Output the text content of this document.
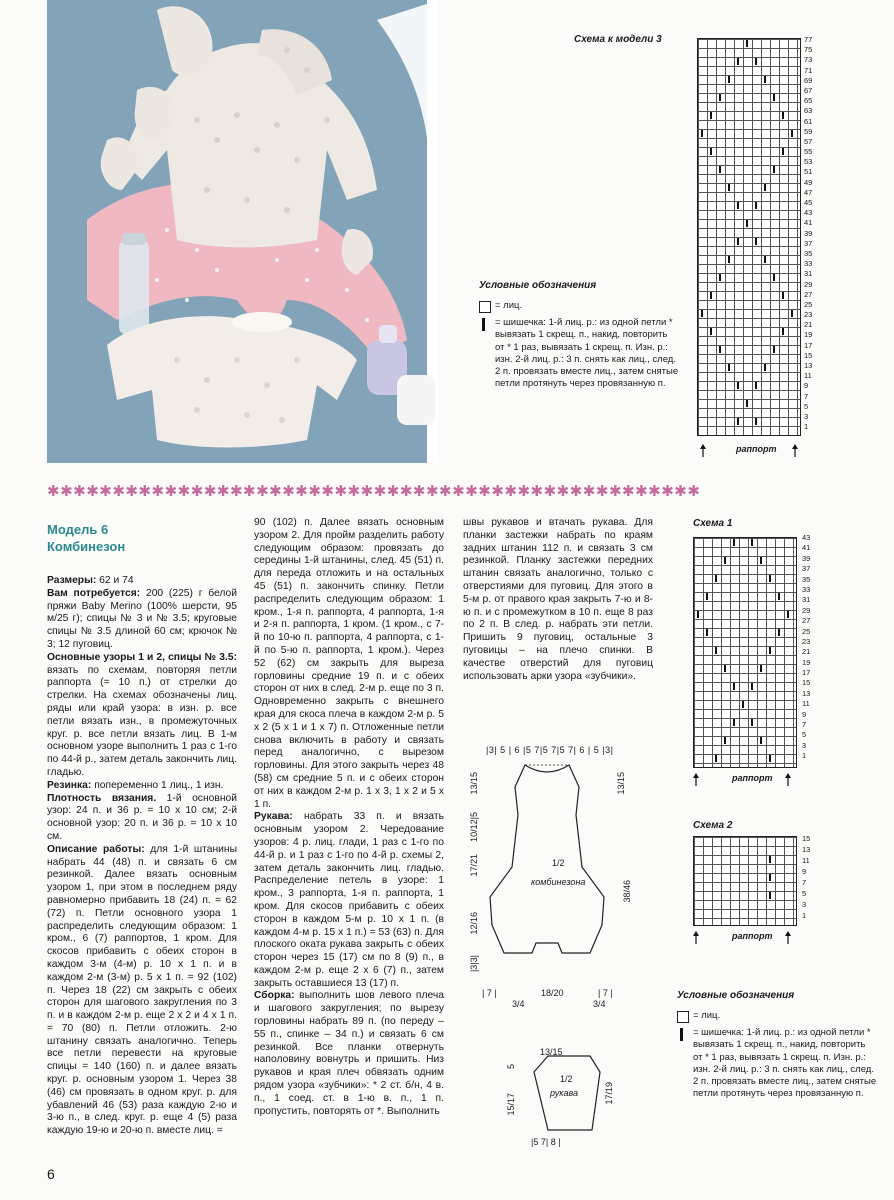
Схема к модели 3	77
75
73
71
69
67
65
63
61
59
57
55
53
51
49
47
45
43
41
39
37
35
33
31
29
27
25
23
21
19
17
15
13
11
9
7
5
3
1
раппорт
Условные обозначения
= лиц.
= шишечка: 1-й лиц. р.: из одной петли * вывязать 1 скрещ. п., накид, повторить от * 1 раз, вывязать 1 скрещ. п. Изн. р.: изн. 2-й лиц. р.: 3 п. снять как лиц., след. 2 п. провязать вместе лиц., затем снятые петли протянуть через провязанную п.
✱✱✱✱✱✱✱✱✱✱✱✱✱✱✱✱✱✱✱✱✱✱✱✱✱✱✱✱✱✱✱✱✱✱✱✱✱✱✱✱✱✱✱✱✱✱✱✱✱✱
Модель 6
Комбинезон

Размеры: 62 и 74

Вам потребуется: 200 (225) г белой пряжи Baby Merino (100% шерсти, 95 м/25 г); спицы № 3 и № 3.5; круговые спицы № 3.5 длиной 60 см; крючок № 3; 12 пуговиц.

Основные узоры 1 и 2, спицы № 3.5: вязать по схемам, повторяя петли раппорта (= 10 п.) от стрелки до стрелки. На схемах обозначены лиц. ряды или край узора: в изн. р. все петли вязать изн., в промежуточных круг. р. все петли вязать лиц. В 1-м основном узоре выполнить 1 раз с 1-го по 44-й р., затем деталь закончить лиц. гладью.

Резинка: попеременно 1 лиц., 1 изн.

Плотность вязания. 1-й основной узор: 24 п. и 36 р. = 10 х 10 см; 2-й основной узор: 20 п. и 36 р. = 10 х 10 см.

Описание работы: для 1-й штанины набрать 44 (48) п. и связать 6 см резинкой. Далее вязать основным узором 1, при этом в последнем ряду равномерно прибавить 18 (24) п. = 62 (72) п. Петли основного узора 1 распределить следующим образом: 1 кром., 6 (7) раппортов, 1 кром. Для скосов прибавить с обеих сторон в каждом 3-м (4-м) р. 10 х 1 п. и в каждом 2-м (3-м) р. 5 х 1 п. = 92 (102) п. Через 18 (22) см закрыть с обеих сторон для шагового закругления по 3 п. и в каждом 2-м р. еще 2 х 2 и 4 х 1 п. = 70 (80) п. Петли отложить. 2-ю штанину связать аналогично. Теперь все петли перевести на круговые спицы = 140 (160) п. и далее вязать круг. р. основным узором 1. Через 38 (46) см провязать в одном круг. р. для убавлений 46 (53) раза каждую 2-ю и 3-ю п., в след. круг. р. еще 4 (5) раза каждую 19-ю и 20-ю п. вместе лиц. =

90 (102) п. Далее вязать основным узором 2. Для пройм разделить работу следующим образом: провязать до середины 1-й штанины, след. 45 (51) п. для переда отложить и на остальных 45 (51) п. закончить спинку. Петли распределить следующим образом: 1 кром., 1-я п. раппорта, 4 раппорта, 1-я и 2-я п. раппорта, 1 кром. (1 кром., с 7-й по 10-ю п. раппорта, 4 раппорта, с 1-й по 5-ю п. раппорта, 1 кром.). Через 52 (62) см закрыть для выреза горловины средние 19 п. и с обеих сторон от них в след. 2-м р. еще по 3 п. Одновременно закрыть с внешнего края для скоса плеча в каждом 2-м р. 5 х 2 (5 х 1 и 1 х 7) п. Отложенные петли снова включить в работу и связать перед аналогично, с вырезом горловины. Для этого закрыть через 48 (58) см средние 5 п. и с обеих сторон от них в каждом 2-м р. 1 х 3, 1 х 2 и 5 х 1 п.

Рукава: набрать 33 п. и вязать основным узором 2. Чередование узоров: 4 р. лиц. глади, 1 раз с 1-го по 44-й р. и 1 раз с 1-го по 4-й р. схемы 2, затем деталь закончить лиц. гладью. Распределение петель в узоре: 1 кром., 3 раппорта, 1-я п. раппорта, 1 кром. Для скосов прибавить с обеих сторон в каждом 5-м р. 10 х 1 п. (в каждом 4-м р. 15 х 1 п.) = 53 (63) п. Для плоского оката рукава закрыть с обеих сторон через 15 (17) см по 8 (9) п., в каждом 2-м р. еще 2 х 6 (7) п., затем закрыть оставшиеся 13 (17) п.

Сборка: выполнить шов левого плеча и шагового закругления; по вырезу горловины набрать 89 п. (по переду – 55 п., спинке – 34 п.) и связать 6 см резинкой. Все планки отвернуть наполовину вовнутрь и пришить. Низ рукавов и края плеч обвязать одним рядом узора «зубчики»: * 2 ст. б/н, 4 в. п., 1 соед. ст. в 1-ю в. п., 1 п. пропустить, повторять от *. Выполнить

швы рукавов и втачать рукава. Для планки застежки набрать по краям задних штанин 112 п. и связать 3 см резинкой. Планку застежки передних штанин связать аналогично, только с отверстиями для пуговиц. Для этого в 5-м р. от правого края закрыть 7-ю и 8-ю п. и с промежутком в 10 п. еще 8 раз по 2 п. В след. р. набрать эти петли. Пришить 9 пуговиц, остальные 3 пуговицы – на плечо спинки. В качестве отверстий для пуговиц использовать арки узора «зубчики».

Схема 1
43
41
39
37
35
33
31
29
27
25
23
21
19
17
15
13
11
9
7
5
3
1
раппорт
Схема 2
15
13
11
9
7
5
3
1
раппорт
Условные обозначения
= лиц.
= шишечка: 1-й лиц. р.: из одной петли * вывязать 1 скрещ. п., накид, повторить от * 1 раз, вывязать 1 скрещ. п. Изн. р.: изн. 2-й лиц. р.: 3 п. снять как лиц., след. 2 п. провязать вместе лиц., затем снятые петли протянуть через провязанную п.
|3| 5 | 6 |5 7|5 7|5 7| 6 | 5 |3|
1/2
комбинезона
13/15
10/12|5
17/21
12/16
|3|3|
13/15
38/46
| 7 |	18/20	| 7 |
3/4	3/4
13/15
1/2
рукава
5
15/17	17/19
|5 7| 8 |
6
